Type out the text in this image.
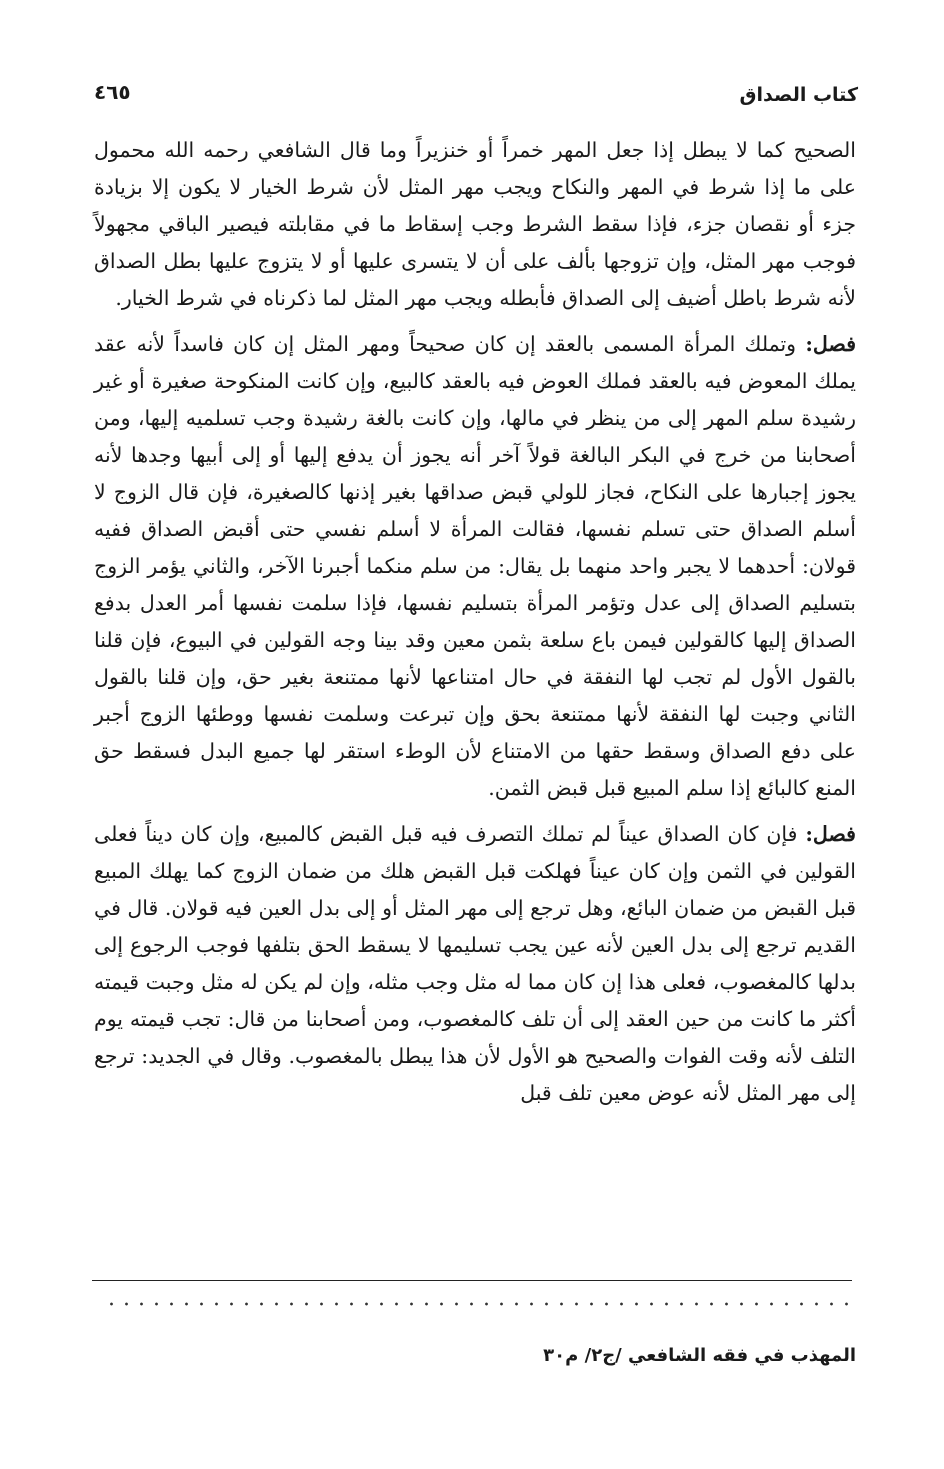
كتاب الصداق
٤٦٥

الصحيح كما لا يبطل إذا جعل المهر خمراً أو خنزيراً وما قال الشافعي رحمه الله محمول على ما إذا شرط في المهر والنكاح ويجب مهر المثل لأن شرط الخيار لا يكون إلا بزيادة جزء أو نقصان جزء، فإذا سقط الشرط وجب إسقاط ما في مقابلته فيصير الباقي مجهولاً فوجب مهر المثل، وإن تزوجها بألف على أن لا يتسرى عليها أو لا يتزوج عليها بطل الصداق لأنه شرط باطل أضيف إلى الصداق فأبطله ويجب مهر المثل لما ذكرناه في شرط الخيار.

فصل: وتملك المرأة المسمى بالعقد إن كان صحيحاً ومهر المثل إن كان فاسداً لأنه عقد يملك المعوض فيه بالعقد فملك العوض فيه بالعقد كالبيع، وإن كانت المنكوحة صغيرة أو غير رشيدة سلم المهر إلى من ينظر في مالها، وإن كانت بالغة رشيدة وجب تسلميه إليها، ومن أصحابنا من خرج في البكر البالغة قولاً آخر أنه يجوز أن يدفع إليها أو إلى أبيها وجدها لأنه يجوز إجبارها على النكاح، فجاز للولي قبض صداقها بغير إذنها كالصغيرة، فإن قال الزوج لا أسلم الصداق حتى تسلم نفسها، فقالت المرأة لا أسلم نفسي حتى أقبض الصداق ففيه قولان: أحدهما لا يجبر واحد منهما بل يقال: من سلم منكما أجبرنا الآخر، والثاني يؤمر الزوج بتسليم الصداق إلى عدل وتؤمر المرأة بتسليم نفسها، فإذا سلمت نفسها أمر العدل بدفع الصداق إليها كالقولين فيمن باع سلعة بثمن معين وقد بينا وجه القولين في البيوع، فإن قلنا بالقول الأول لم تجب لها النفقة في حال امتناعها لأنها ممتنعة بغير حق، وإن قلنا بالقول الثاني وجبت لها النفقة لأنها ممتنعة بحق وإن تبرعت وسلمت نفسها ووطئها الزوج أجبر على دفع الصداق وسقط حقها من الامتناع لأن الوطء استقر لها جميع البدل فسقط حق المنع كالبائع إذا سلم المبيع قبل قبض الثمن.

فصل: فإن كان الصداق عيناً لم تملك التصرف فيه قبل القبض كالمبيع، وإن كان ديناً فعلى القولين في الثمن وإن كان عيناً فهلكت قبل القبض هلك من ضمان الزوج كما يهلك المبيع قبل القبض من ضمان البائع، وهل ترجع إلى مهر المثل أو إلى بدل العين فيه قولان. قال في القديم ترجع إلى بدل العين لأنه عين يجب تسليمها لا يسقط الحق بتلفها فوجب الرجوع إلى بدلها كالمغصوب، فعلى هذا إن كان مما له مثل وجب مثله، وإن لم يكن له مثل وجبت قيمته أكثر ما كانت من حين العقد إلى أن تلف كالمغصوب، ومن أصحابنا من قال: تجب قيمته يوم التلف لأنه وقت الفوات والصحيح هو الأول لأن هذا يبطل بالمغصوب. وقال في الجديد: ترجع إلى مهر المثل لأنه عوض معين تلف قبل

المهذب في فقه الشافعي /ج٢/ م٣٠
